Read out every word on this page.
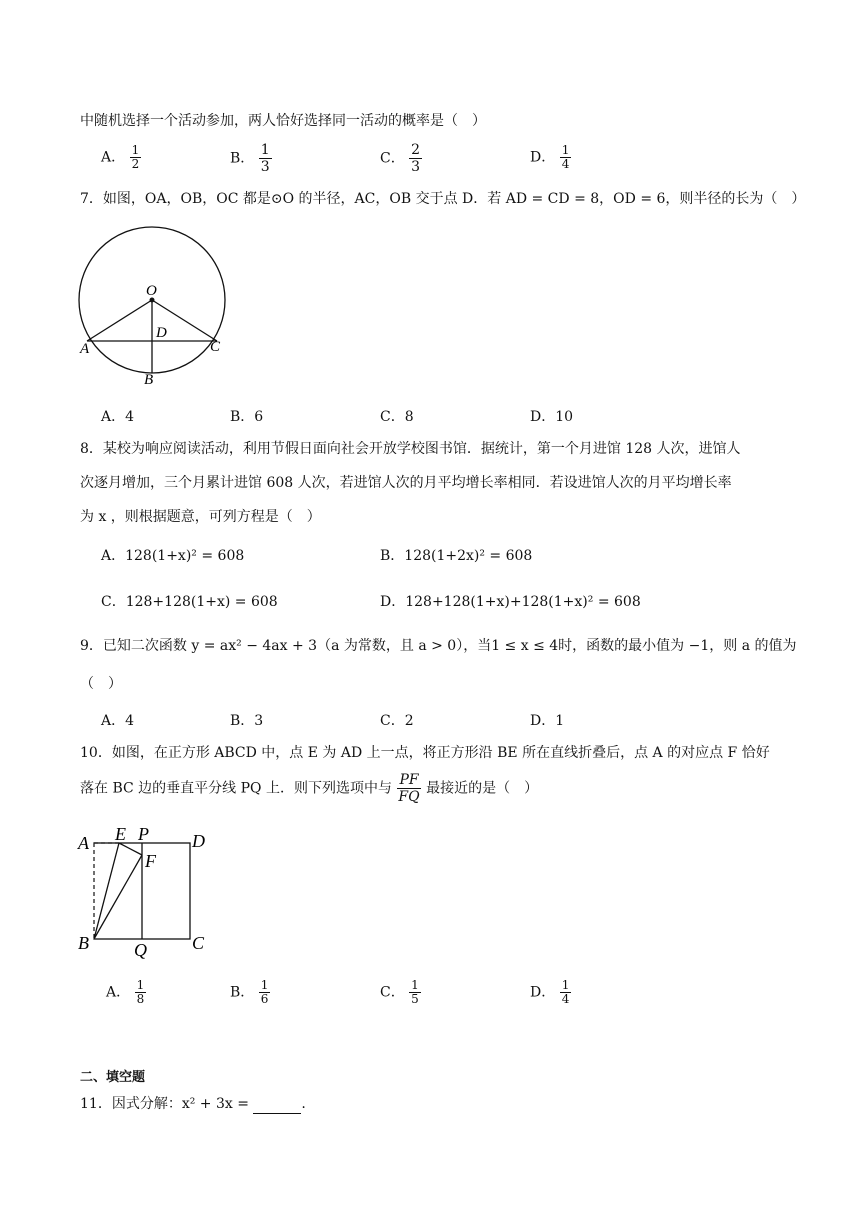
中随机选择一个活动参加，两人恰好选择同一活动的概率是（　）
A． $\frac{1}{2}$	B． $\frac{1}{3}$	C． $\frac{2}{3}$	D． $\frac{1}{4}$
7．如图，OA，OB，OC 都是⊙O 的半径，AC，OB 交于点 D．若 AD = CD = 8，OD = 6，则半径的长为（　）
O
D
A	C
B
A．4	B．6	C．8	D．10
8．某校为响应阅读活动，利用节假日面向社会开放学校图书馆．据统计，第一个月进馆 128 人次，进馆人
次逐月增加，三个月累计进馆 608 人次，若进馆人次的月平均增长率相同．若设进馆人次的月平均增长率
为 x ，则根据题意，可列方程是（　）
A．128(1+x)² = 608	B．128(1+2x)² = 608
C．128+128(1+x) = 608	D．128+128(1+x)+128(1+x)² = 608
9．已知二次函数 y = ax² − 4ax + 3（a 为常数，且 a > 0），当1 ≤ x ≤ 4时，函数的最小值为 −1，则 a 的值为
（　）
A．4	B．3	C．2	D．1
10．如图，在正方形 ABCD 中，点 E 为 AD 上一点，将正方形沿 BE 所在直线折叠后，点 A 的对应点 F 恰好
落在 BC 边的垂直平分线 PQ 上．则下列选项中与 $\frac{PF}{FQ}$ 最接近的是（　）
A E P D
F
B	Q	C
A． $\frac{1}{8}$	B． $\frac{1}{6}$	C． $\frac{1}{5}$	D． $\frac{1}{4}$
二、填空题
11．因式分解：x² + 3x =	.
